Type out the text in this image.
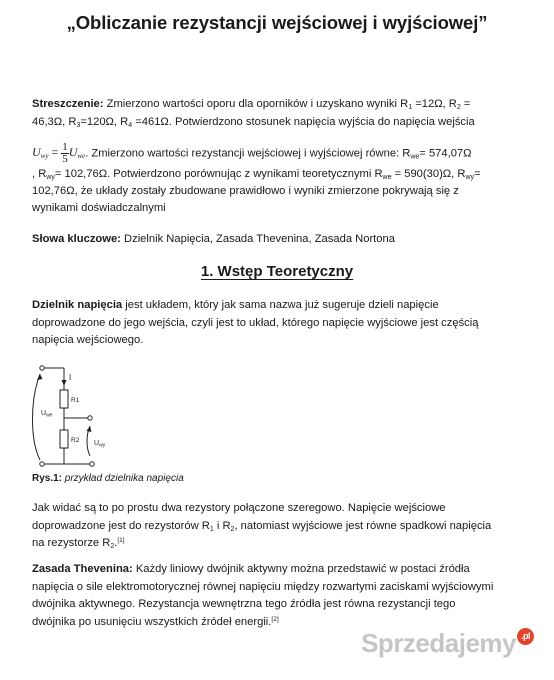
„Obliczanie rezystancji wejściowej i wyjściowej”
Streszczenie: Zmierzono wartości oporu dla oporników i uzyskano wyniki $R_1 =12\Omega$, $R_2$ =
46,3Ω, $R_3=120\Omega$, $R_4 =461\Omega$. Potwierdzono stosunek napięcia wyjścia do napięcia wejścia
$U_{wy} = \frac{1}{5}U_{we}$. Zmierzono wartości rezystancji wejściowej i wyjściowej równe: $R_{we}= 574,07\Omega$
, $R_{wy}= 102,76\Omega$. Potwierdzono porównując z wynikami teoretycznymi $R_{we} = 590(30)\Omega$, $R_{wy}=$
102,76Ω, że układy zostały zbudowane prawidłowo i wyniki zmierzone pokrywają się z
wynikami doświadczalnymi
Słowa kluczowe: Dzielnik Napięcia, Zasada Thevenina, Zasada Nortona
1. Wstęp Teoretyczny
Dzielnik napięcia jest układem, który jak sama nazwa już sugeruje dzieli napięcie
doprowadzone do jego wejścia, czyli jest to układ, którego napięcie wyjściowe jest częścią
napięcia wejściowego.
I
R1
R2
$U_{we}$
$U_{wy}$
Rys.1: przykład dzielnika napięcia
Jak widać są to po prostu dwa rezystory połączone szeregowo. Napięcie wejściowe
doprowadzone jest do rezystorów $R_1$ i $R_2$, natomiast wyjściowe jest równe spadkowi napięcia
na rezystorze $R_2.[1]$
Zasada Thevenina: Każdy liniowy dwójnik aktywny można przedstawić w postaci źródła
napięcia o sile elektromotorycznej równej napięciu między rozwartymi zaciskami wyjściowymi
dwójnika aktywnego. Rezystancja wewnętrzna tego źródła jest równa rezystancji tego
dwójnika po usunięciu wszystkich źródeł energii.[2]
Sprzedajemy .pl
